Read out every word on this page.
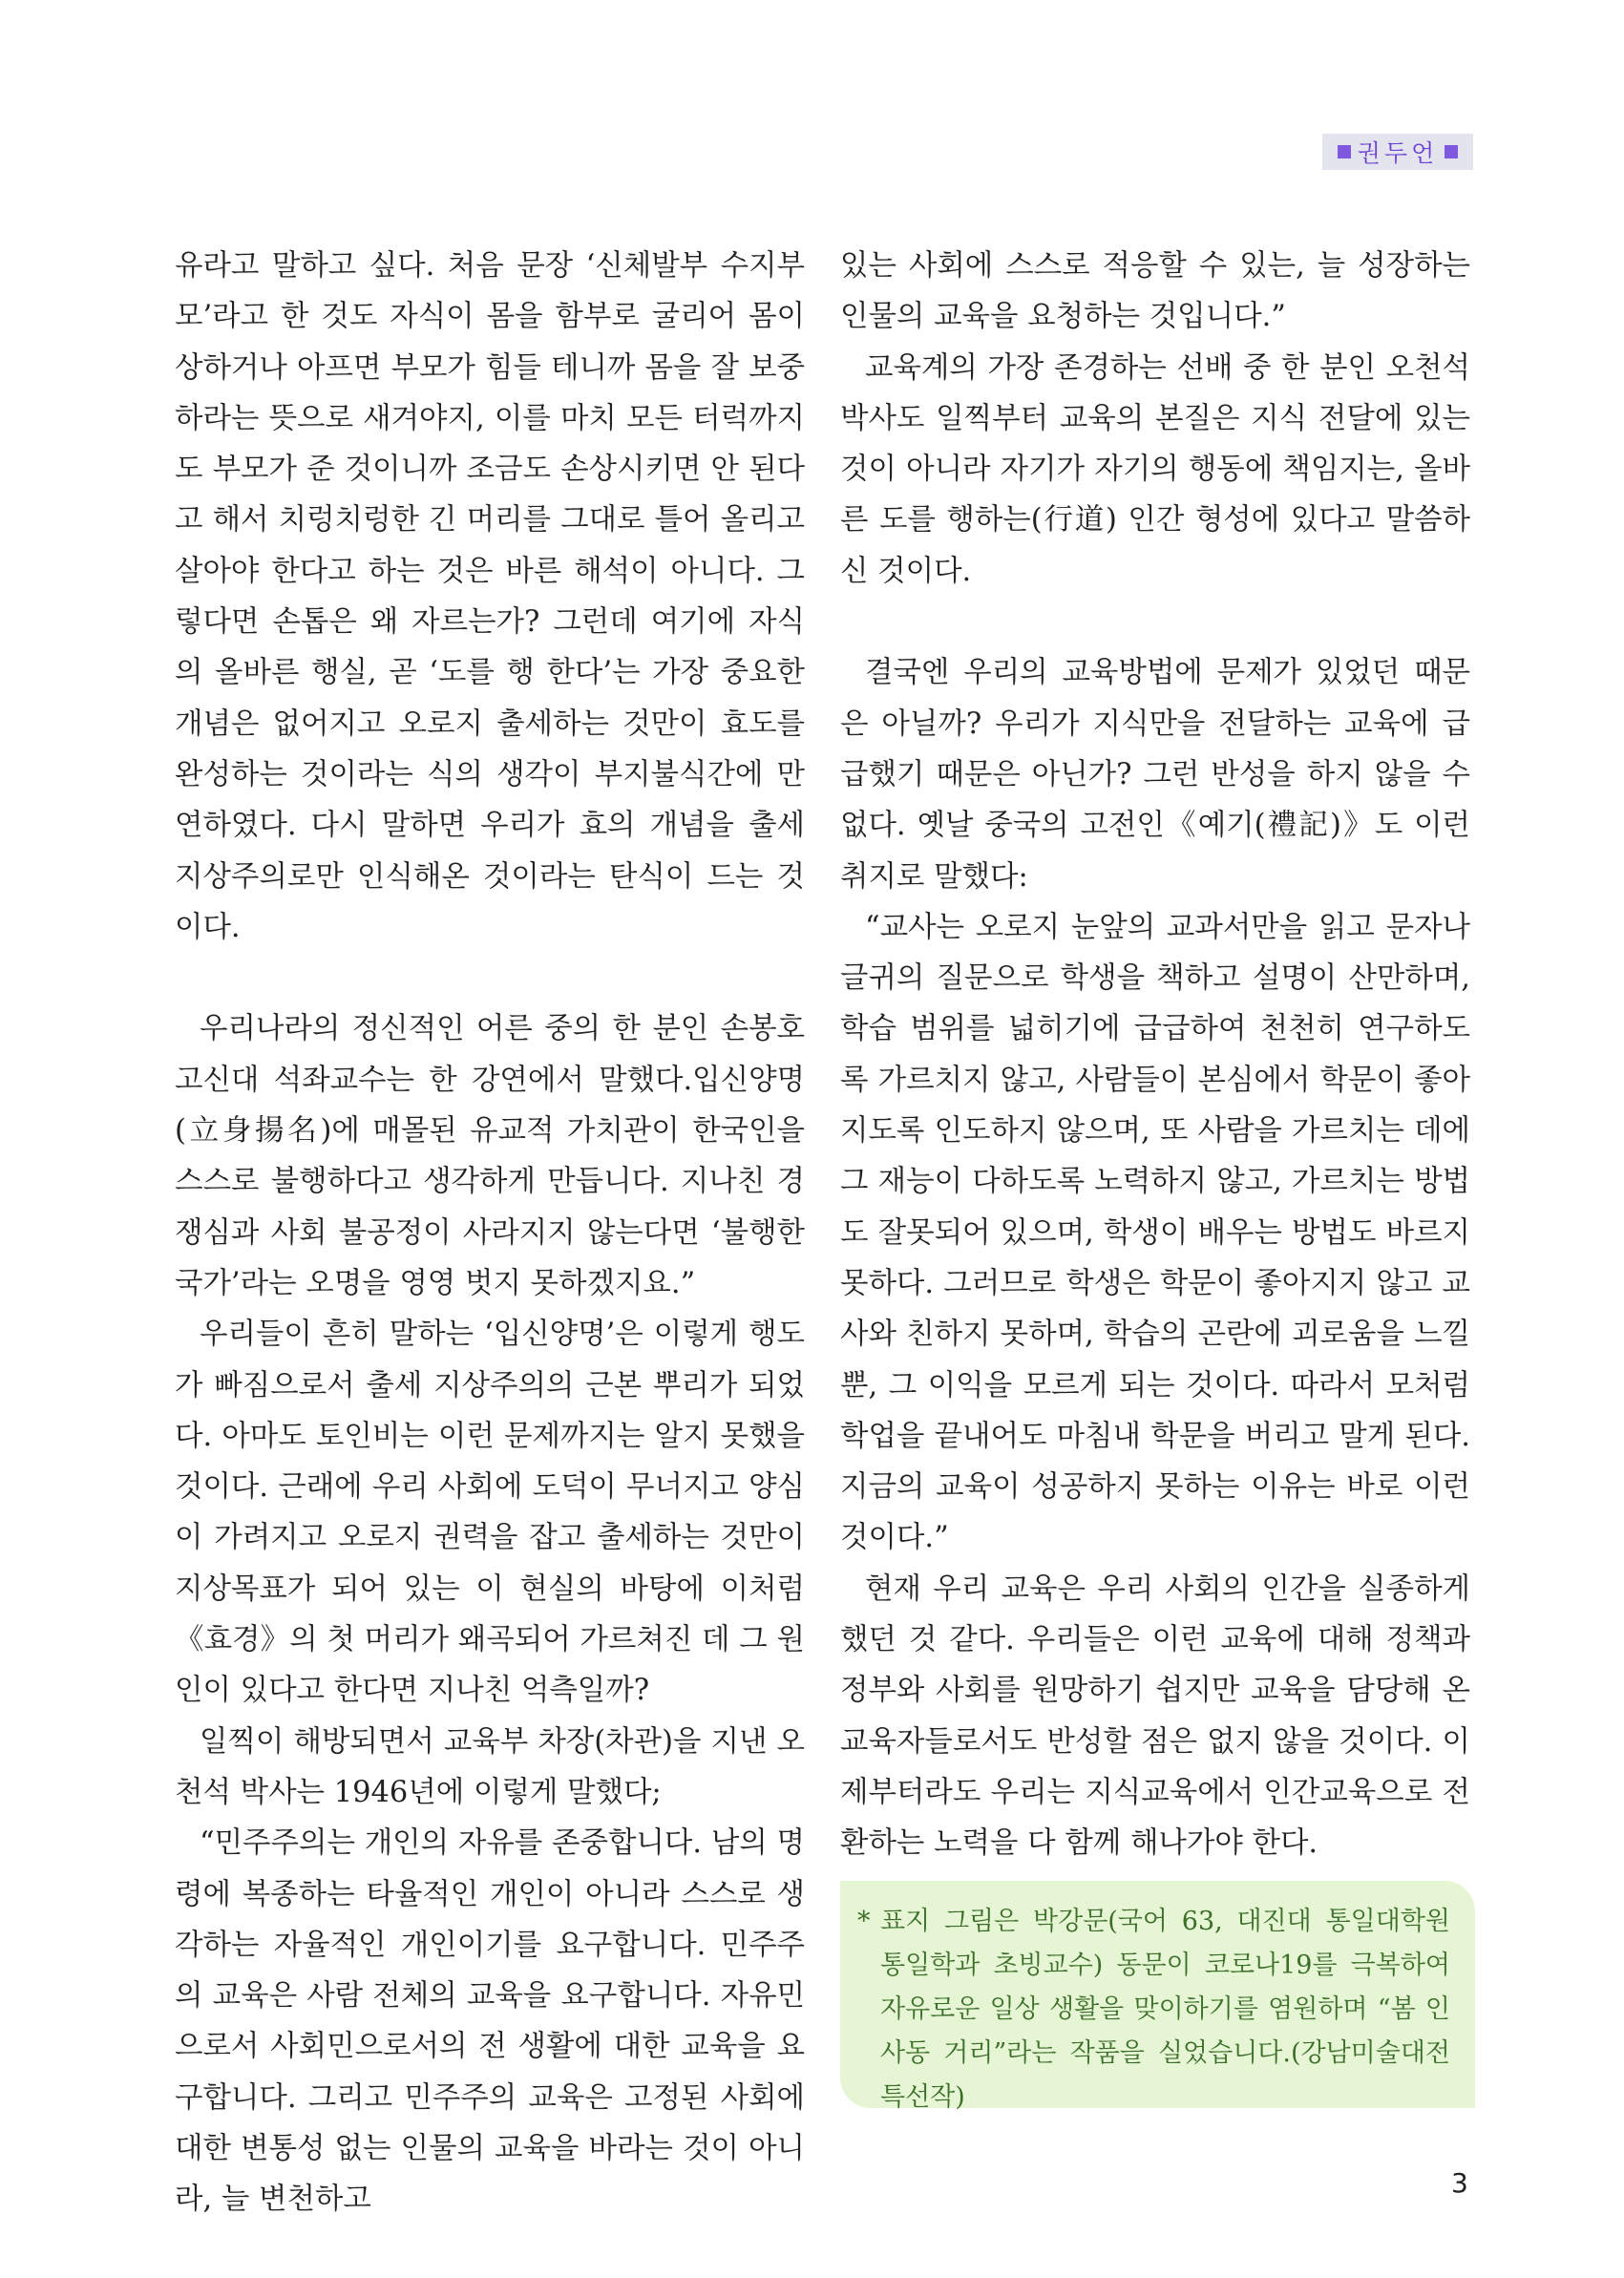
권두언

유라고 말하고 싶다. 처음 문장 ‘신체발부 수지부모’라고 한 것도 자식이 몸을 함부로 굴리어 몸이 상하거나 아프면 부모가 힘들 테니까 몸을 잘 보중하라는 뜻으로 새겨야지, 이를 마치 모든 터럭까지도 부모가 준 것이니까 조금도 손상시키면 안 된다고 해서 치렁치렁한 긴 머리를 그대로 틀어 올리고 살아야 한다고 하는 것은 바른 해석이 아니다. 그렇다면 손톱은 왜 자르는가? 그런데 여기에 자식의 올바른 행실, 곧 ‘도를 행 한다’는 가장 중요한 개념은 없어지고 오로지 출세하는 것만이 효도를 완성하는 것이라는 식의 생각이 부지불식간에 만연하였다. 다시 말하면 우리가 효의 개념을 출세 지상주의로만 인식해온 것이라는 탄식이 드는 것이다.

우리나라의 정신적인 어른 중의 한 분인 손봉호 고신대 석좌교수는 한 강연에서 말했다.입신양명(立身揚名)에 매몰된 유교적 가치관이 한국인을 스스로 불행하다고 생각하게 만듭니다. 지나친 경쟁심과 사회 불공정이 사라지지 않는다면 ‘불행한 국가’라는 오명을 영영 벗지 못하겠지요.”

우리들이 흔히 말하는 ‘입신양명’은 이렇게 행도가 빠짐으로서 출세 지상주의의 근본 뿌리가 되었다. 아마도 토인비는 이런 문제까지는 알지 못했을 것이다. 근래에 우리 사회에 도덕이 무너지고 양심이 가려지고 오로지 권력을 잡고 출세하는 것만이 지상목표가 되어 있는 이 현실의 바탕에 이처럼《효경》의 첫 머리가 왜곡되어 가르쳐진 데 그 원인이 있다고 한다면 지나친 억측일까?

일찍이 해방되면서 교육부 차장(차관)을 지낸 오천석 박사는 1946년에 이렇게 말했다;

“민주주의는 개인의 자유를 존중합니다. 남의 명령에 복종하는 타율적인 개인이 아니라 스스로 생각하는 자율적인 개인이기를 요구합니다. 민주주의 교육은 사람 전체의 교육을 요구합니다. 자유민으로서 사회민으로서의 전 생활에 대한 교육을 요구합니다. 그리고 민주주의 교육은 고정된 사회에 대한 변통성 없는 인물의 교육을 바라는 것이 아니라, 늘 변천하고

있는 사회에 스스로 적응할 수 있는, 늘 성장하는 인물의 교육을 요청하는 것입니다.”

교육계의 가장 존경하는 선배 중 한 분인 오천석 박사도 일찍부터 교육의 본질은 지식 전달에 있는 것이 아니라 자기가 자기의 행동에 책임지는, 올바른 도를 행하는(行道) 인간 형성에 있다고 말씀하신 것이다.

결국엔 우리의 교육방법에 문제가 있었던 때문은 아닐까? 우리가 지식만을 전달하는 교육에 급급했기 때문은 아닌가? 그런 반성을 하지 않을 수 없다. 옛날 중국의 고전인《예기(禮記)》도 이런 취지로 말했다:

“교사는 오로지 눈앞의 교과서만을 읽고 문자나 글귀의 질문으로 학생을 책하고 설명이 산만하며, 학습 범위를 넓히기에 급급하여 천천히 연구하도록 가르치지 않고, 사람들이 본심에서 학문이 좋아지도록 인도하지 않으며, 또 사람을 가르치는 데에 그 재능이 다하도록 노력하지 않고, 가르치는 방법도 잘못되어 있으며, 학생이 배우는 방법도 바르지 못하다. 그러므로 학생은 학문이 좋아지지 않고 교사와 친하지 못하며, 학습의 곤란에 괴로움을 느낄 뿐, 그 이익을 모르게 되는 것이다. 따라서 모처럼 학업을 끝내어도 마침내 학문을 버리고 말게 된다. 지금의 교육이 성공하지 못하는 이유는 바로 이런 것이다.”

현재 우리 교육은 우리 사회의 인간을 실종하게 했던 것 같다. 우리들은 이런 교육에 대해 정책과 정부와 사회를 원망하기 쉽지만 교육을 담당해 온 교육자들로서도 반성할 점은 없지 않을 것이다. 이제부터라도 우리는 지식교육에서 인간교육으로 전환하는 노력을 다 함께 해나가야 한다.

* 표지 그림은 박강문(국어 63, 대진대 통일대학원 통일학과 초빙교수) 동문이 코로나19를 극복하여 자유로운 일상 생활을 맞이하기를 염원하며 “봄 인사동 거리”라는 작품을 실었습니다.(강남미술대전 특선작)
3
